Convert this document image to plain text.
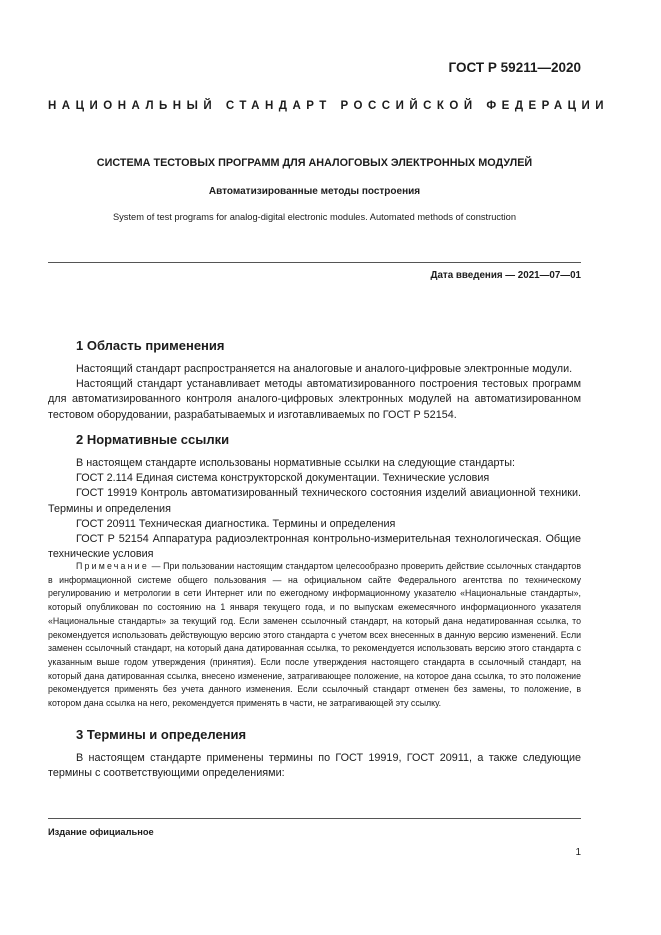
ГОСТ Р 59211—2020
НАЦИОНАЛЬНЫЙ СТАНДАРТ РОССИЙСКОЙ ФЕДЕРАЦИИ
СИСТЕМА ТЕСТОВЫХ ПРОГРАММ ДЛЯ АНАЛОГОВЫХ ЭЛЕКТРОННЫХ МОДУЛЕЙ
Автоматизированные методы построения
System of test programs for analog-digital electronic modules. Automated methods of construction
Дата введения — 2021—07—01
1 Область применения

Настоящий стандарт распространяется на аналоговые и аналого-цифровые электронные модули.

Настоящий стандарт устанавливает методы автоматизированного построения тестовых программ для автоматизированного контроля аналого-цифровых электронных модулей на автоматизированном тестовом оборудовании, разрабатываемых и изготавливаемых по ГОСТ Р 52154.

2 Нормативные ссылки

В настоящем стандарте использованы нормативные ссылки на следующие стандарты:

ГОСТ 2.114 Единая система конструкторской документации. Технические условия

ГОСТ 19919 Контроль автоматизированный технического состояния изделий авиационной техники. Термины и определения

ГОСТ 20911 Техническая диагностика. Термины и определения

ГОСТ Р 52154 Аппаратура радиоэлектронная контрольно-измерительная технологическая. Общие технические условия

Примечание — При пользовании настоящим стандартом целесообразно проверить действие ссылочных стандартов в информационной системе общего пользования — на официальном сайте Федерального агентства по техническому регулированию и метрологии в сети Интернет или по ежегодному информационному указателю «Национальные стандарты», который опубликован по состоянию на 1 января текущего года, и по выпускам ежемесячного информационного указателя «Национальные стандарты» за текущий год. Если заменен ссылочный стандарт, на который дана недатированная ссылка, то рекомендуется использовать действующую версию этого стандарта с учетом всех внесенных в данную версию изменений. Если заменен ссылочный стандарт, на который дана датированная ссылка, то рекомендуется использовать версию этого стандарта с указанным выше годом утверждения (принятия). Если после утверждения настоящего стандарта в ссылочный стандарт, на который дана датированная ссылка, внесено изменение, затрагивающее положение, на которое дана ссылка, то это положение рекомендуется применять без учета данного изменения. Если ссылочный стандарт отменен без замены, то положение, в котором дана ссылка на него, рекомендуется применять в части, не затрагивающей эту ссылку.
3 Термины и определения

В настоящем стандарте применены термины по ГОСТ 19919, ГОСТ 20911, а также следующие термины с соответствующими определениями:

Издание официальное
1
